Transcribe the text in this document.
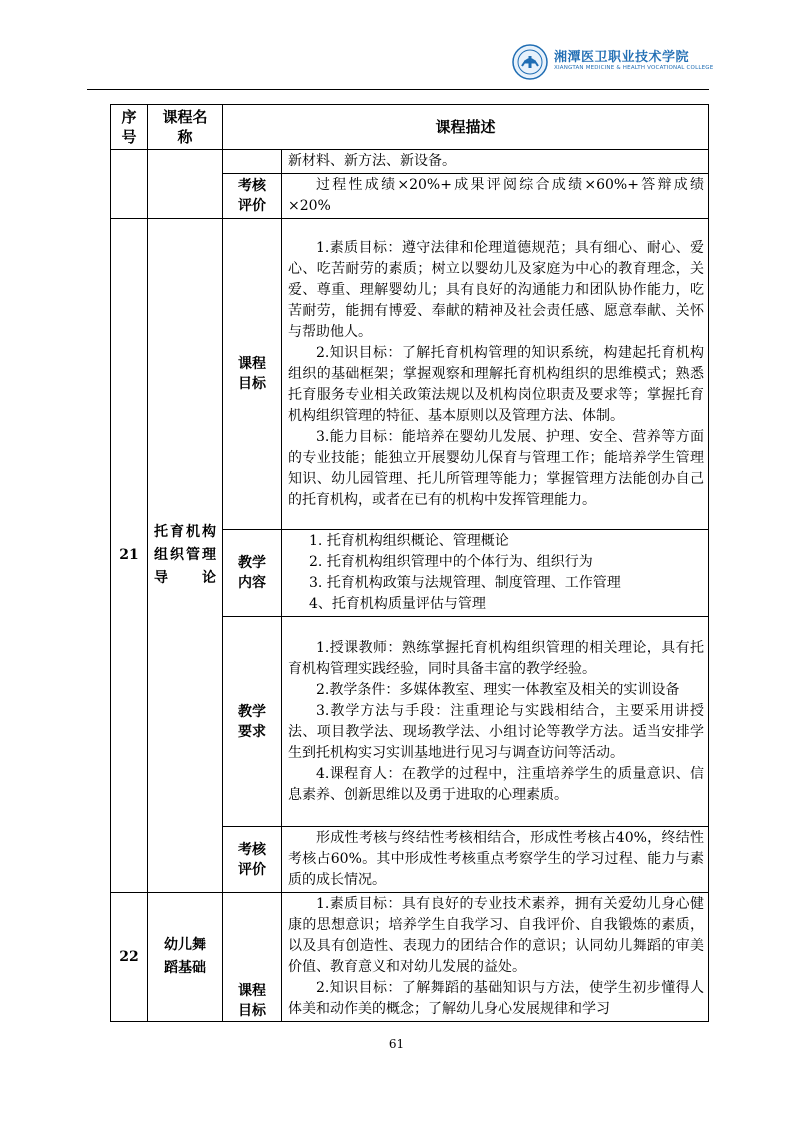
湘潭医卫职业技术学院
XIANGTAN MEDICINE & HEALTH VOCATIONAL COLLEGE
序号	课程名称	课程描述	

			新材料、新方法、新设备。

		考核评价	过程性成绩×20%+成果评阅综合成绩×60%+答辩成绩×20%

21	托育机构组织管理导论	课程目标	1.素质目标：遵守法律和伦理道德规范；具有细心、耐心、爱心、吃苦耐劳的素质；树立以婴幼儿及家庭为中心的教育理念，关爱、尊重、理解婴幼儿；具有良好的沟通能力和团队协作能力，吃苦耐劳，能拥有博爱、奉献的精神及社会责任感、愿意奉献、关怀与帮助他人。

2.知识目标：了解托育机构管理的知识系统，构建起托育机构组织的基础框架；掌握观察和理解托育机构组织的思维模式；熟悉托育服务专业相关政策法规以及机构岗位职责及要求等；掌握托育机构组织管理的特征、基本原则以及管理方法、体制。

3.能力目标：能培养在婴幼儿发展、护理、安全、营养等方面的专业技能；能独立开展婴幼儿保育与管理工作；能培养学生管理知识、幼儿园管理、托儿所管理等能力；掌握管理方法能创办自己的托育机构，或者在已有的机构中发挥管理能力。

		教学内容	1. 托育机构组织概论、管理概论

2. 托育机构组织管理中的个体行为、组织行为

3. 托育机构政策与法规管理、制度管理、工作管理

4、托育机构质量评估与管理

		教学要求	1.授课教师：熟练掌握托育机构组织管理的相关理论，具有托育机构管理实践经验，同时具备丰富的教学经验。

2.教学条件：多媒体教室、理实一体教室及相关的实训设备

3.教学方法与手段：注重理论与实践相结合，主要采用讲授法、项目教学法、现场教学法、小组讨论等教学方法。适当安排学生到托机构实习实训基地进行见习与调查访问等活动。

4.课程育人：在教学的过程中，注重培养学生的质量意识、信息素养、创新思维以及勇于进取的心理素质。

		考核评价	形成性考核与终结性考核相结合，形成性考核占40%，终结性考核占60%。其中形成性考核重点考察学生的学习过程、能力与素质的成长情况。

22	幼儿舞蹈基础	课程目标	1.素质目标：具有良好的专业技术素养，拥有关爱幼儿身心健康的思想意识；培养学生自我学习、自我评价、自我锻炼的素质，以及具有创造性、表现力的团结合作的意识；认同幼儿舞蹈的审美价值、教育意义和对幼儿发展的益处。

2.知识目标：了解舞蹈的基础知识与方法，使学生初步懂得人体美和动作美的概念；了解幼儿身心发展规律和学习

61
